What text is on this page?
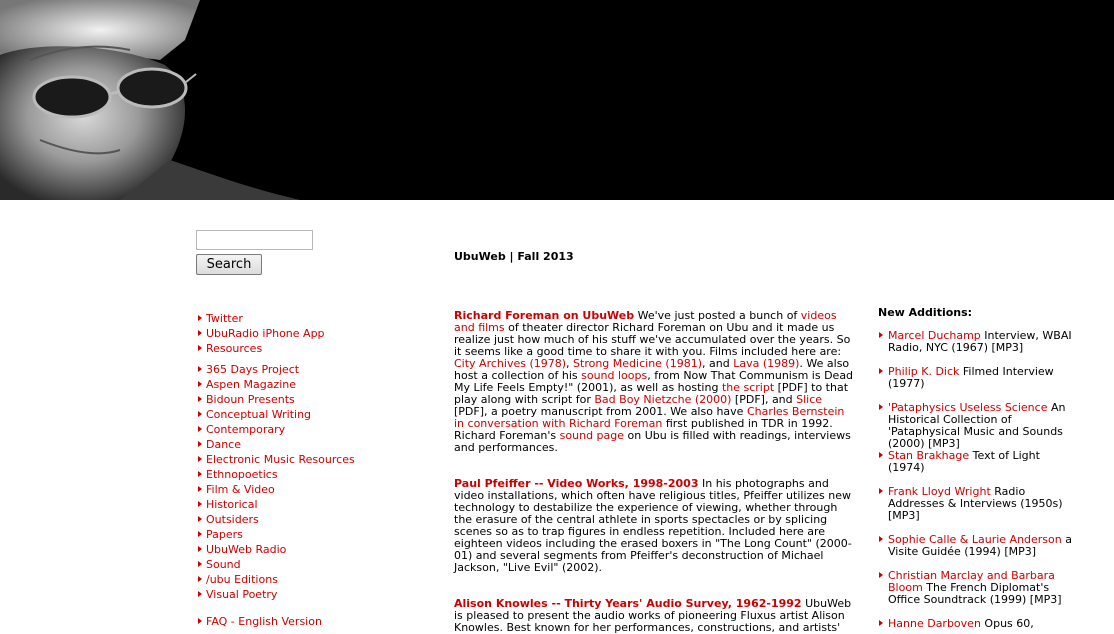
Search
Twitter
UbuRadio iPhone App
Resources
365 Days Project
Aspen Magazine
Bidoun Presents
Conceptual Writing
Contemporary
Dance
Electronic Music Resources
Ethnopoetics
Film & Video
Historical
Outsiders
Papers
UbuWeb Radio
Sound
/ubu Editions
Visual Poetry
FAQ - English Version
UbuWeb | Fall 2013
Richard Foreman on UbuWeb We've just posted a bunch of videos and films of theater director Richard Foreman on Ubu and it made us realize just how much of his stuff we've accumulated over the years. So it seems like a good time to share it with you. Films included here are: City Archives (1978), Strong Medicine (1981), and Lava (1989). We also host a collection of his sound loops, from Now That Communism is Dead My Life Feels Empty!" (2001), as well as hosting the script [PDF] to that play along with script for Bad Boy Nietzche (2000) [PDF], and Slice [PDF], a poetry manuscript from 2001. We also have Charles Bernstein in conversation with Richard Foreman first published in TDR in 1992. Richard Foreman's sound page on Ubu is filled with readings, interviews and performances.
Paul Pfeiffer -- Video Works, 1998-2003 In his photographs and video installations, which often have religious titles, Pfeiffer utilizes new technology to destabilize the experience of viewing, whether through the erasure of the central athlete in sports spectacles or by splicing scenes so as to trap figures in endless repetition. Included here are eighteen videos including the erased boxers in "The Long Count" (2000-01) and several segments from Pfeiffer's deconstruction of Michael Jackson, "Live Evil" (2002).
Alison Knowles -- Thirty Years' Audio Survey, 1962-1992 UbuWeb is pleased to present the audio works of pioneering Fluxus artist Alison Knowles. Best known for her performances, constructions, and artists'
New Additions:
Marcel Duchamp Interview, WBAI Radio, NYC (1967) [MP3]
Philip K. Dick Filmed Interview (1977)
'Pataphysics Useless Science An Historical Collection of 'Pataphysical Music and Sounds (2000) [MP3]
Stan Brakhage Text of Light (1974)
Frank Lloyd Wright Radio Addresses & Interviews (1950s) [MP3]
Sophie Calle & Laurie Anderson a Visite Guidée (1994) [MP3]
Christian Marclay and Barbara Bloom The French Diplomat's Office Soundtrack (1999) [MP3]
Hanne Darboven Opus 60,
